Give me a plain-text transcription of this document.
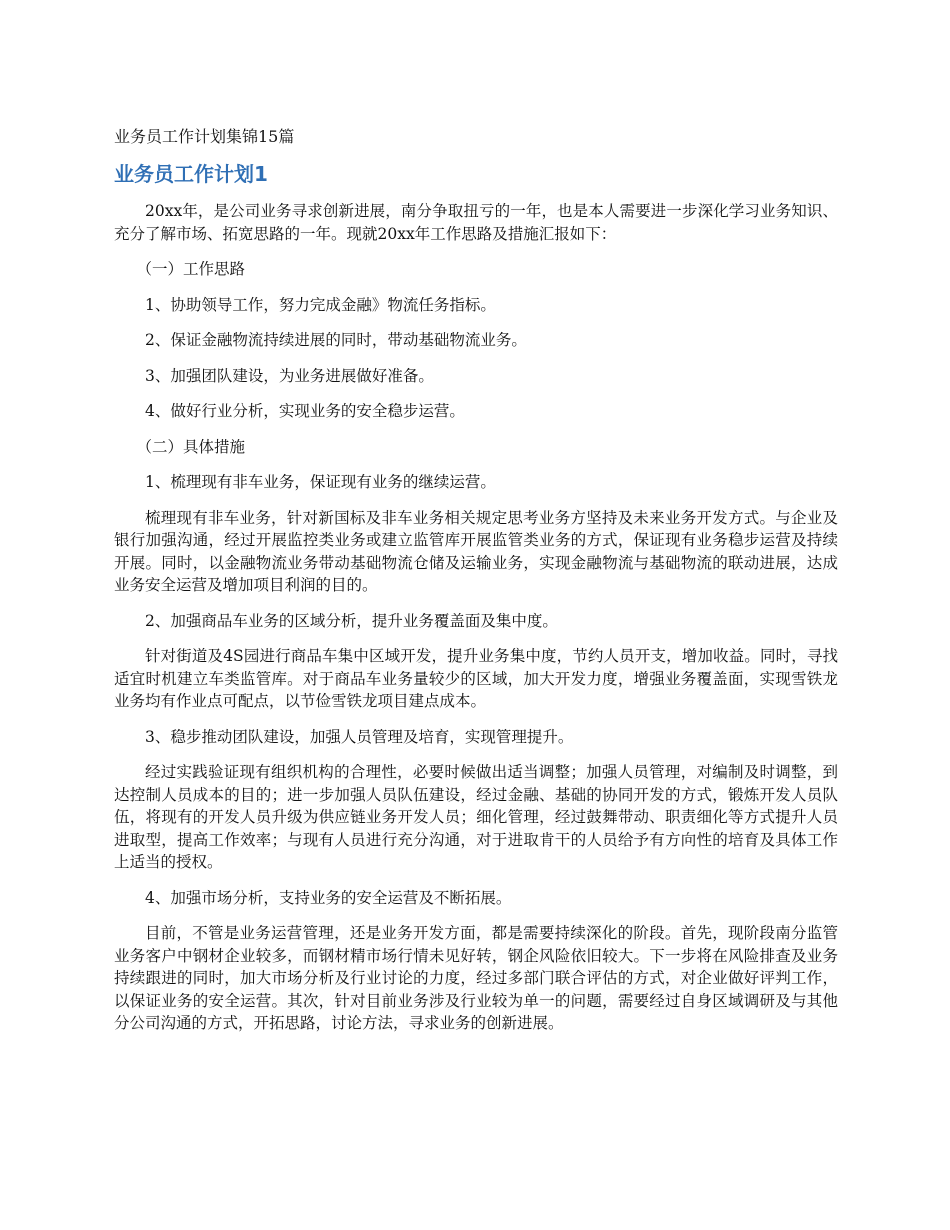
业务员工作计划集锦15篇
业务员工作计划1

20xx年，是公司业务寻求创新进展，南分争取扭亏的一年，也是本人需要进一步深化学习业务知识、充分了解市场、拓宽思路的一年。现就20xx年工作思路及措施汇报如下：

（一）工作思路
1、协助领导工作，努力完成金融》物流任务指标。
2、保证金融物流持续进展的同时，带动基础物流业务。
3、加强团队建设，为业务进展做好准备。
4、做好行业分析，实现业务的安全稳步运营。
（二）具体措施
1、梳理现有非车业务，保证现有业务的继续运营。

梳理现有非车业务，针对新国标及非车业务相关规定思考业务方坚持及未来业务开发方式。与企业及银行加强沟通，经过开展监控类业务或建立监管库开展监管类业务的方式，保证现有业务稳步运营及持续开展。同时，以金融物流业务带动基础物流仓储及运输业务，实现金融物流与基础物流的联动进展，达成业务安全运营及增加项目利润的目的。

2、加强商品车业务的区域分析，提升业务覆盖面及集中度。

针对街道及4S园进行商品车集中区域开发，提升业务集中度，节约人员开支，增加收益。同时，寻找适宜时机建立车类监管库。对于商品车业务量较少的区域，加大开发力度，增强业务覆盖面，实现雪铁龙业务均有作业点可配点，以节俭雪铁龙项目建点成本。

3、稳步推动团队建设，加强人员管理及培育，实现管理提升。

经过实践验证现有组织机构的合理性，必要时候做出适当调整；加强人员管理，对编制及时调整，到达控制人员成本的目的；进一步加强人员队伍建设，经过金融、基础的协同开发的方式，锻炼开发人员队伍，将现有的开发人员升级为供应链业务开发人员；细化管理，经过鼓舞带动、职责细化等方式提升人员进取型，提高工作效率；与现有人员进行充分沟通，对于进取肯干的人员给予有方向性的培育及具体工作上适当的授权。

4、加强市场分析，支持业务的安全运营及不断拓展。

目前，不管是业务运营管理，还是业务开发方面，都是需要持续深化的阶段。首先，现阶段南分监管业务客户中钢材企业较多，而钢材精市场行情未见好转，钢企风险依旧较大。下一步将在风险排查及业务持续跟进的同时，加大市场分析及行业讨论的力度，经过多部门联合评估的方式，对企业做好评判工作，以保证业务的安全运营。其次，针对目前业务涉及行业较为单一的问题，需要经过自身区域调研及与其他分公司沟通的方式，开拓思路，讨论方法，寻求业务的创新进展。
